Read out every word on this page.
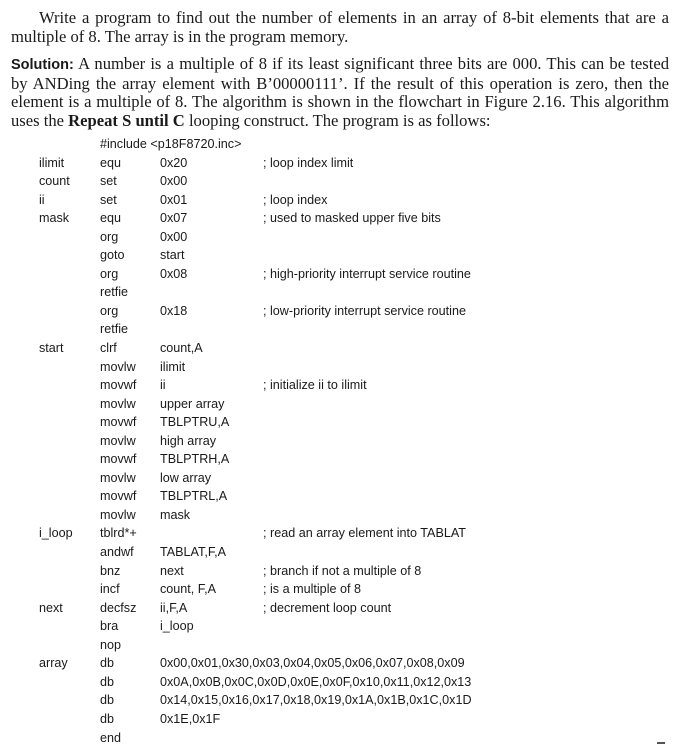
Write a program to find out the number of elements in an array of 8-bit elements that are a multiple of 8. The array is in the program memory.

Solution: A number is a multiple of 8 if its least significant three bits are 000. This can be tested by ANDing the array element with B’00000111’. If the result of this operation is zero, then the element is a multiple of 8. The algorithm is shown in the flowchart in Figure 2.16. This algorithm uses the Repeat S until C looping construct. The program is as follows:

#include <p18F8720.inc>
ilimit	equ	0x20	; loop index limit
count set	0x00
ii	set	0x01	; loop index
mask equ	0x07	; used to masked upper five bits
org	0x00
goto	start
org	0x08	; high-priority interrupt service routine
retfie
org	0x18	; low-priority interrupt service routine
retfie
start	clrf	count,A
movlw ilimit
movwf ii	; initialize ii to ilimit
movlw upper array
movwf TBLPTRU,A
movlw high array
movwf TBLPTRH,A
movlw low array
movwf TBLPTRL,A
movlw mask
i_loop tblrd*+	; read an array element into TABLAT
andwf TABLAT,F,A
bnz	next	; branch if not a multiple of 8
incf	count, F,A	; is a multiple of 8
next	decfsz ii,F,A	; decrement loop count
bra	i_loop
nop
array	db	0x00,0x01,0x30,0x03,0x04,0x05,0x06,0x07,0x08,0x09
db	0x0A,0x0B,0x0C,0x0D,0x0E,0x0F,0x10,0x11,0x12,0x13
db	0x14,0x15,0x16,0x17,0x18,0x19,0x1A,0x1B,0x1C,0x1D
db	0x1E,0x1F
end
